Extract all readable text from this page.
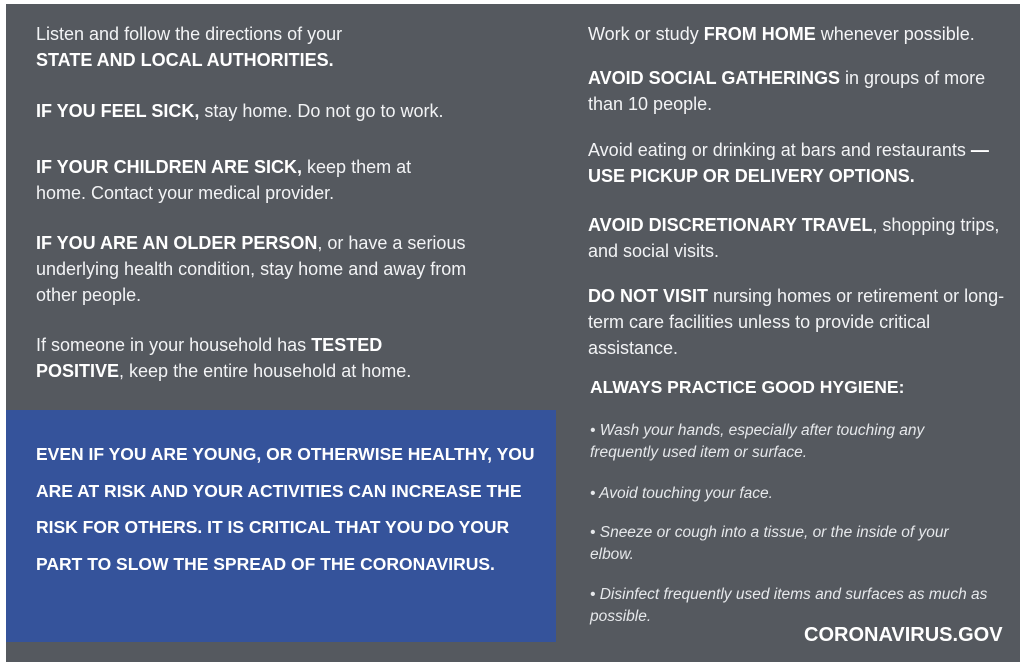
Listen and follow the directions of your
STATE AND LOCAL AUTHORITIES.

IF YOU FEEL SICK, stay home. Do not go to work.

IF YOUR CHILDREN ARE SICK, keep them at home. Contact your medical provider.

IF YOU ARE AN OLDER PERSON, or have a serious underlying health condition, stay home and away from other people.

If someone in your household has TESTED POSITIVE, keep the entire household at home.

EVEN IF YOU ARE YOUNG, OR OTHERWISE HEALTHY, YOU ARE AT RISK AND YOUR ACTIVITIES CAN INCREASE THE RISK FOR OTHERS. IT IS CRITICAL THAT YOU DO YOUR PART TO SLOW THE SPREAD OF THE CORONAVIRUS.

Work or study FROM HOME whenever possible.

AVOID SOCIAL GATHERINGS in groups of more than 10 people.

Avoid eating or drinking at bars and restaurants — USE PICKUP OR DELIVERY OPTIONS.

AVOID DISCRETIONARY TRAVEL, shopping trips, and social visits.

DO NOT VISIT nursing homes or retirement or long-term care facilities unless to provide critical assistance.

ALWAYS PRACTICE GOOD HYGIENE:

• Wash your hands, especially after touching any frequently used item or surface.

• Avoid touching your face.

• Sneeze or cough into a tissue, or the inside of your elbow.

• Disinfect frequently used items and surfaces as much as possible.

CORONAVIRUS.GOV
